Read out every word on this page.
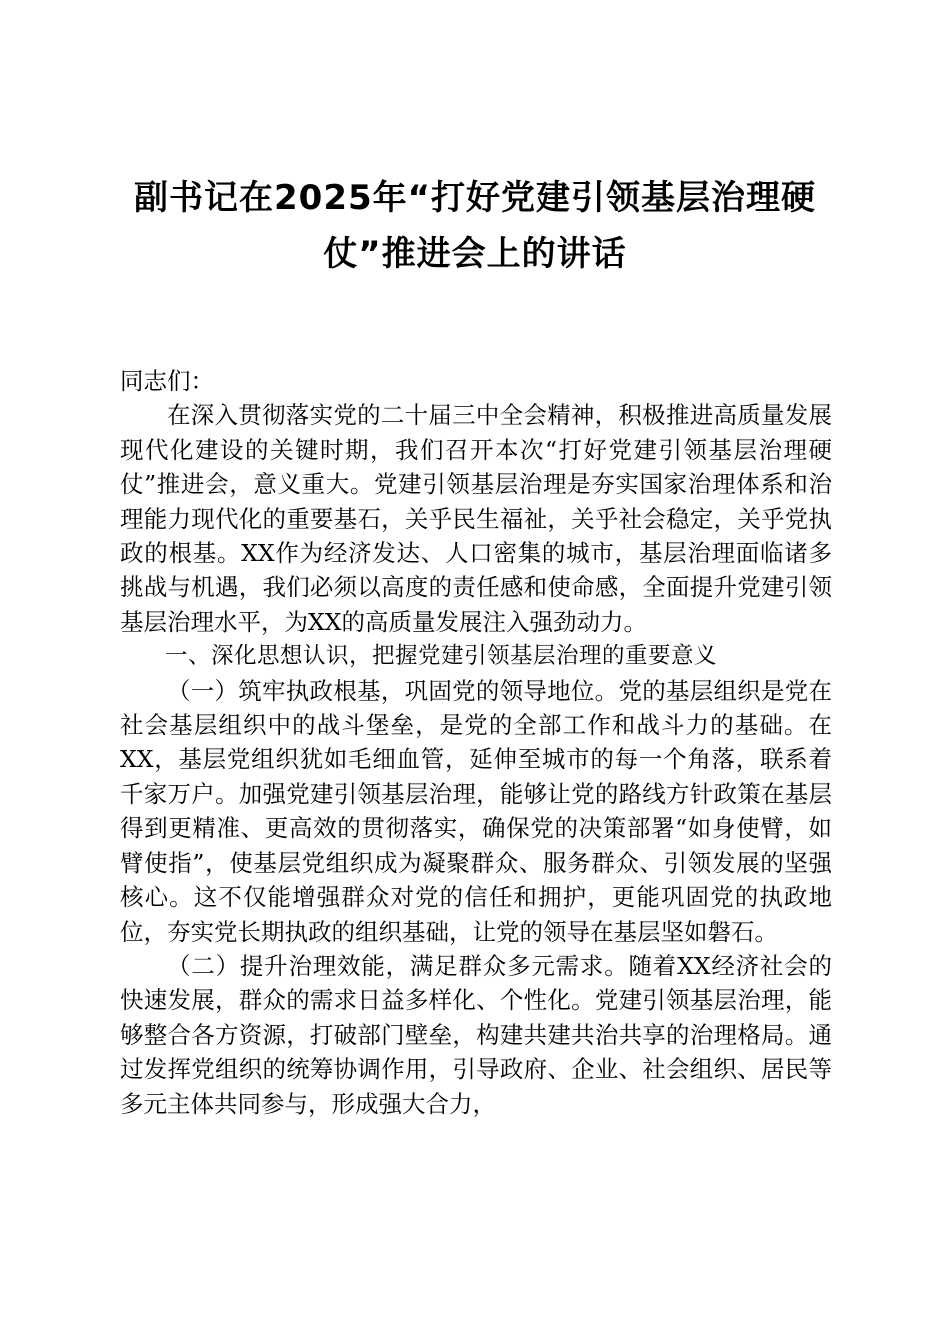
副书记在2025年“打好党建引领基层治理硬
仗”推进会上的讲话

同志们：

在深入贯彻落实党的二十届三中全会精神，积极推进高质量发展现代化建设的关键时期，我们召开本次“打好党建引领基层治理硬仗”推进会，意义重大。党建引领基层治理是夯实国家治理体系和治理能力现代化的重要基石，关乎民生福祉，关乎社会稳定，关乎党执政的根基。XX作为经济发达、人口密集的城市，基层治理面临诸多挑战与机遇，我们必须以高度的责任感和使命感，全面提升党建引领基层治理水平，为XX的高质量发展注入强劲动力。

一、深化思想认识，把握党建引领基层治理的重要意义

（一）筑牢执政根基，巩固党的领导地位。党的基层组织是党在社会基层组织中的战斗堡垒，是党的全部工作和战斗力的基础。在XX，基层党组织犹如毛细血管，延伸至城市的每一个角落，联系着千家万户。加强党建引领基层治理，能够让党的路线方针政策在基层得到更精准、更高效的贯彻落实，确保党的决策部署“如身使臂，如臂使指”，使基层党组织成为凝聚群众、服务群众、引领发展的坚强核心。这不仅能增强群众对党的信任和拥护，更能巩固党的执政地位，夯实党长期执政的组织基础，让党的领导在基层坚如磐石。

（二）提升治理效能，满足群众多元需求。随着XX经济社会的快速发展，群众的需求日益多样化、个性化。党建引领基层治理，能够整合各方资源，打破部门壁垒，构建共建共治共享的治理格局。通过发挥党组织的统筹协调作用，引导政府、企业、社会组织、居民等多元主体共同参与，形成强大合力，
